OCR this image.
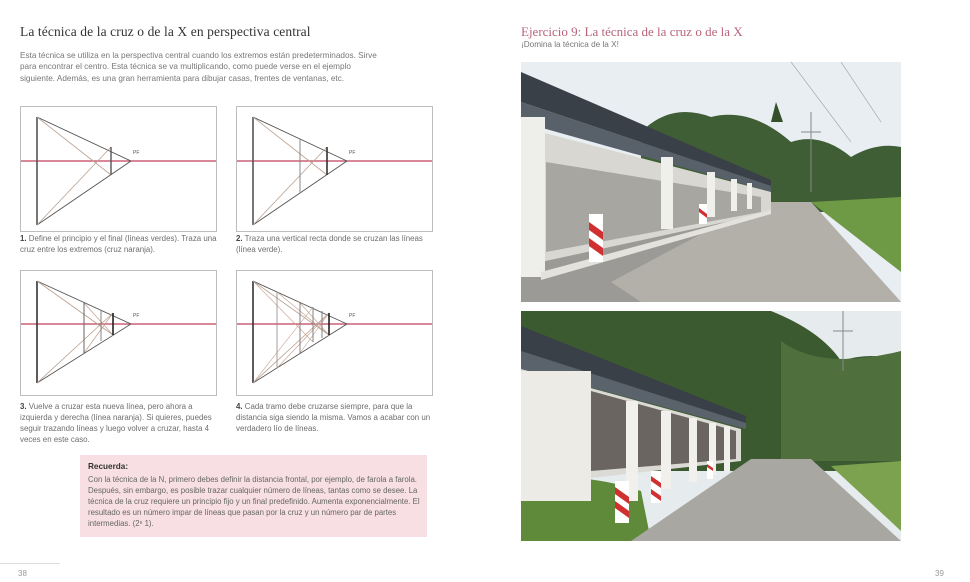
La técnica de la cruz o de la X en perspectiva central
Esta técnica se utiliza en la perspectiva central cuando los extremos están predeterminados. Sirve para encontrar el centro. Esta técnica se va multiplicando, como puede verse en el ejemplo siguiente. Además, es una gran herramienta para dibujar casas, frentes de ventanas, etc.
PF
1. Define el principio y el final (líneas verdes). Traza una cruz entre los extremos (cruz naranja).
PF
2. Traza una vertical recta donde se cruzan las líneas (línea verde).
PF
3. Vuelve a cruzar esta nueva línea, pero ahora a izquierda y derecha (línea naranja). Si quieres, puedes seguir trazando líneas y luego volver a cruzar, hasta 4 veces en este caso.
PF
4. Cada tramo debe cruzarse siempre, para que la distancia siga siendo la misma. Vamos a acabar con un verdadero lío de líneas.
Recuerda:
Con la técnica de la N, primero debes definir la distancia frontal, por ejemplo, de farola a farola. Después, sin embargo, es posible trazar cualquier número de líneas, tantas como se desee. La técnica de la cruz requiere un principio fijo y un final predefinido. Aumenta exponencialmente. El resultado es un número impar de líneas que pasan por la cruz y un número par de partes intermedias. (2ⁿ 1).
38
Ejercicio 9: La técnica de la cruz o de la X
¡Domina la técnica de la X!
39
